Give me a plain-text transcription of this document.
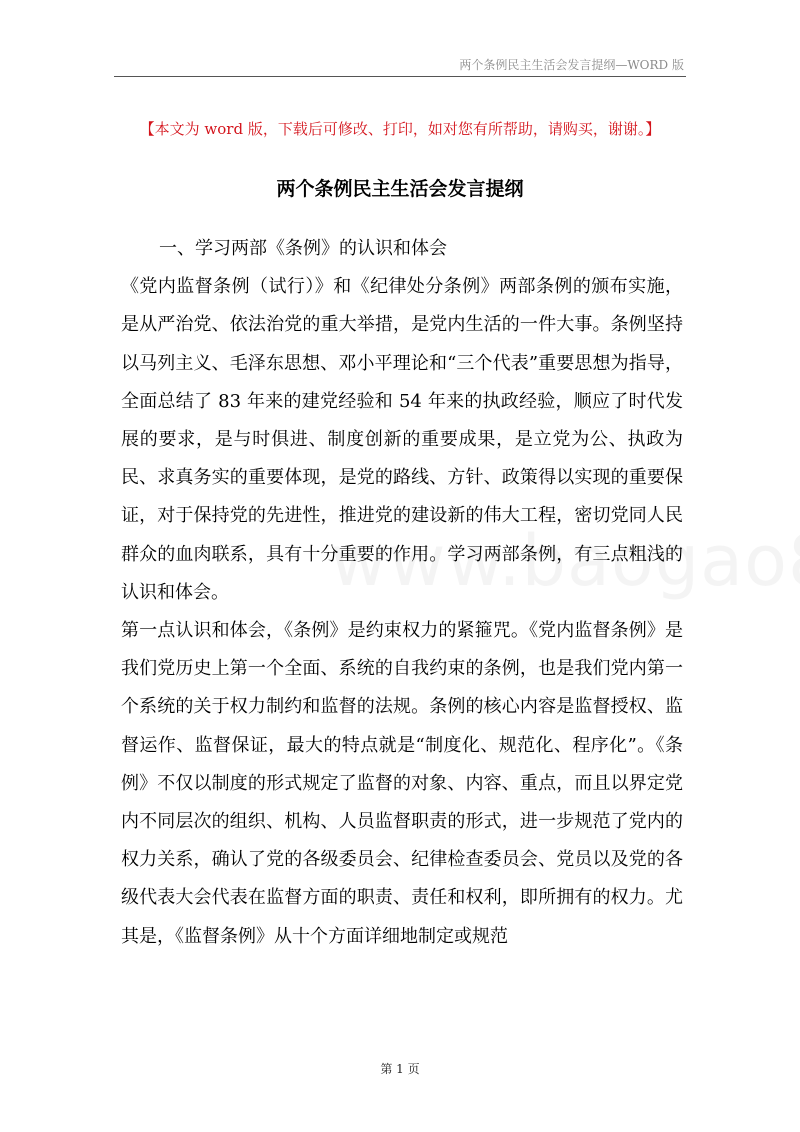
两个条例民主生活会发言提纲—WORD 版
【本文为 word 版，下载后可修改、打印，如对您有所帮助，请购买，谢谢。】
两个条例民主生活会发言提纲

一、学习两部《条例》的认识和体会

《党内监督条例（试行）》和《纪律处分条例》两部条例的颁布实施，是从严治党、依法治党的重大举措，是党内生活的一件大事。条例坚持以马列主义、毛泽东思想、邓小平理论和“三个代表”重要思想为指导，全面总结了 83 年来的建党经验和 54 年来的执政经验，顺应了时代发展的要求，是与时俱进、制度创新的重要成果，是立党为公、执政为民、求真务实的重要体现，是党的路线、方针、政策得以实现的重要保证，对于保持党的先进性，推进党的建设新的伟大工程，密切党同人民群众的血肉联系，具有十分重要的作用。学习两部条例，有三点粗浅的认识和体会。

第一点认识和体会，《条例》是约束权力的紧箍咒。《党内监督条例》是我们党历史上第一个全面、系统的自我约束的条例，也是我们党内第一个系统的关于权力制约和监督的法规。条例的核心内容是监督授权、监督运作、监督保证，最大的特点就是“制度化、规范化、程序化”。《条例》不仅以制度的形式规定了监督的对象、内容、重点，而且以界定党内不同层次的组织、机构、人员监督职责的形式，进一步规范了党内的权力关系，确认了党的各级委员会、纪律检查委员会、党员以及党的各级代表大会代表在监督方面的职责、责任和权利，即所拥有的权力。尤其是，《监督条例》从十个方面详细地制定或规范

第 1 页
